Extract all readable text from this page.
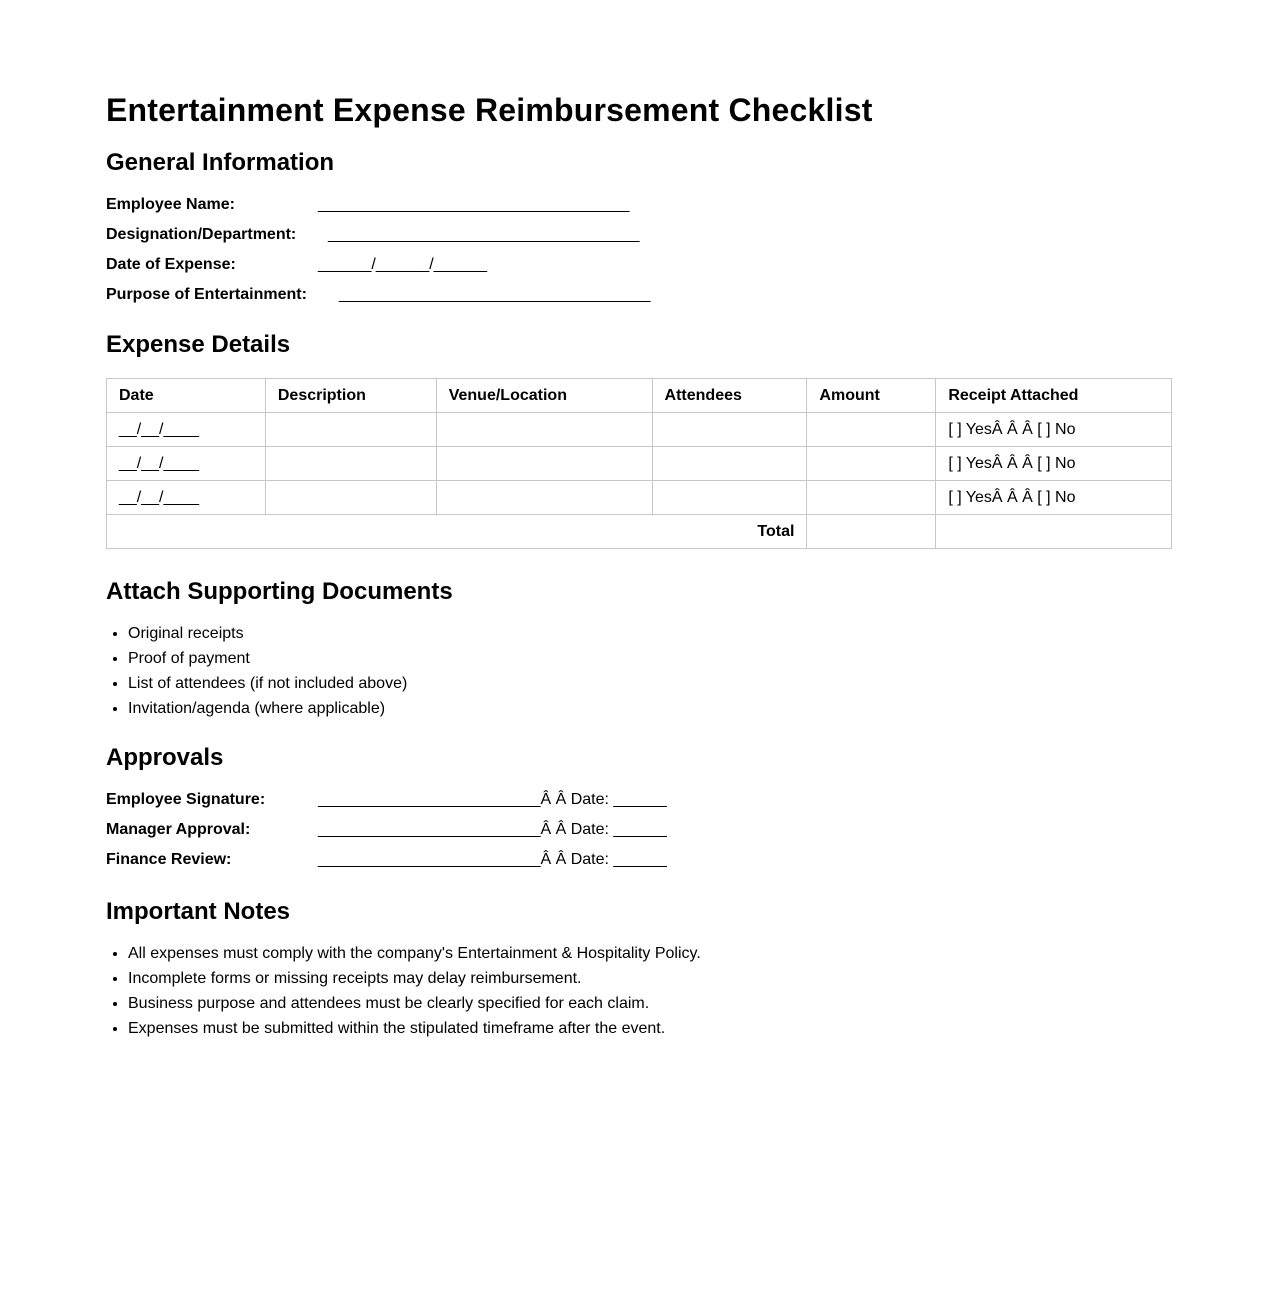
Entertainment Expense Reimbursement Checklist
General Information
Employee Name:	___________________________________
Designation/Department:	___________________________________
Date of Expense:	______/______/______
Purpose of Entertainment:	___________________________________
Expense Details
Date	Description	Venue/Location	Attendees	Amount	Receipt Attached
__/__/____					[ ] YesÂ Â Â [ ] No
__/__/____					[ ] YesÂ Â Â [ ] No
__/__/____					[ ] YesÂ Â Â [ ] No
Total					
Attach Supporting Documents
• Original receipts
• Proof of payment
• List of attendees (if not included above)
• Invitation/agenda (where applicable)
Approvals
Employee Signature:	_________________________Â Â Date: ______
Manager Approval:	_________________________Â Â Date: ______
Finance Review:	_________________________Â Â Date: ______
Important Notes
• All expenses must comply with the company's Entertainment & Hospitality Policy.
• Incomplete forms or missing receipts may delay reimbursement.
• Business purpose and attendees must be clearly specified for each claim.
• Expenses must be submitted within the stipulated timeframe after the event.
